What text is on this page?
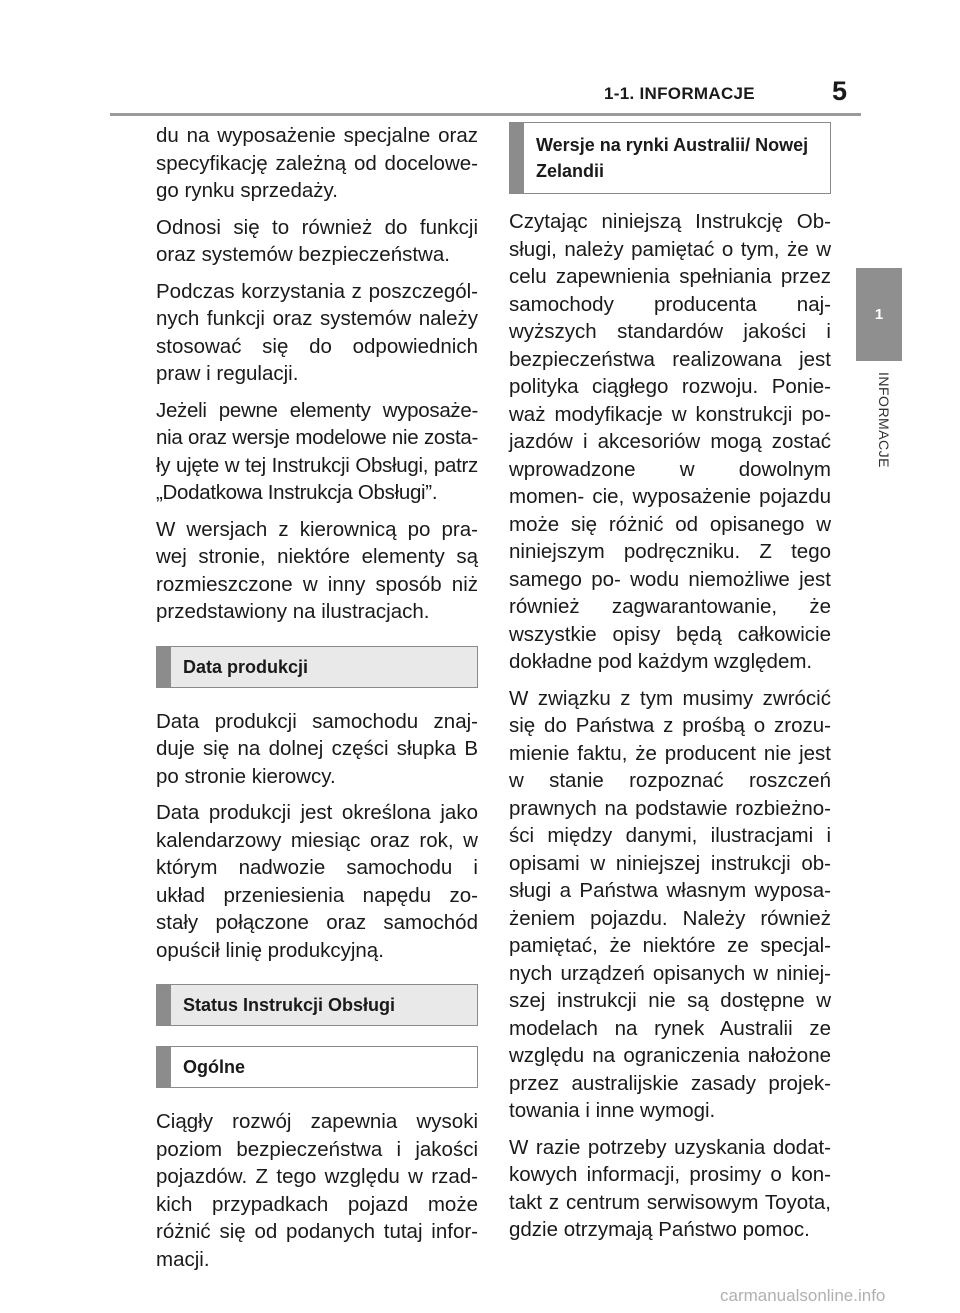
1-1. INFORMACJE	5
1
INFORMACJE

du na wyposażenie specjalne oraz specyfikację zależną od docelowe- go rynku sprzedaży.

Odnosi się to również do funkcji oraz systemów bezpieczeństwa.

Podczas korzystania z poszczegól- nych funkcji oraz systemów należy stosować się do odpowiednich praw i regulacji.

Jeżeli pewne elementy wyposaże- nia oraz wersje modelowe nie zosta- ły ujęte w tej Instrukcji Obsługi, patrz „Dodatkowa Instrukcja Obsługi”.

W wersjach z kierownicą po pra- wej stronie, niektóre elementy są rozmieszczone w inny sposób niż przedstawiony na ilustracjach.

Data produkcji

Data produkcji samochodu znaj- duje się na dolnej części słupka B po stronie kierowcy.

Data produkcji jest określona jako kalendarzowy miesiąc oraz rok, w którym nadwozie samochodu i układ przeniesienia napędu zo- stały połączone oraz samochód opuścił linię produkcyjną.

Status Instrukcji Obsługi
Ogólne

Ciągły rozwój zapewnia wysoki poziom bezpieczeństwa i jakości pojazdów. Z tego względu w rzad- kich przypadkach pojazd może różnić się od podanych tutaj infor- macji.

Wersje na rynki Australii/ Nowej Zelandii

Czytając niniejszą Instrukcję Ob- sługi, należy pamiętać o tym, że w celu zapewnienia spełniania przez samochody producenta naj- wyższych standardów jakości i bezpieczeństwa realizowana jest polityka ciągłego rozwoju. Ponie- waż modyfikacje w konstrukcji po- jazdów i akcesoriów mogą zostać wprowadzone w dowolnym momen- cie, wyposażenie pojazdu może się różnić od opisanego w niniejszym podręczniku. Z tego samego po- wodu niemożliwe jest również zagwarantowanie, że wszystkie opisy będą całkowicie dokładne pod każdym względem.

W związku z tym musimy zwrócić się do Państwa z prośbą o zrozu- mienie faktu, że producent nie jest w stanie rozpoznać roszczeń prawnych na podstawie rozbieżno- ści między danymi, ilustracjami i opisami w niniejszej instrukcji ob- sługi a Państwa własnym wyposa- żeniem pojazdu. Należy również pamiętać, że niektóre ze specjal- nych urządzeń opisanych w niniej- szej instrukcji nie są dostępne w modelach na rynek Australii ze względu na ograniczenia nałożone przez australijskie zasady projek- towania i inne wymogi.

W razie potrzeby uzyskania dodat- kowych informacji, prosimy o kon- takt z centrum serwisowym Toyota, gdzie otrzymają Państwo pomoc.

carmanualsonline.info
